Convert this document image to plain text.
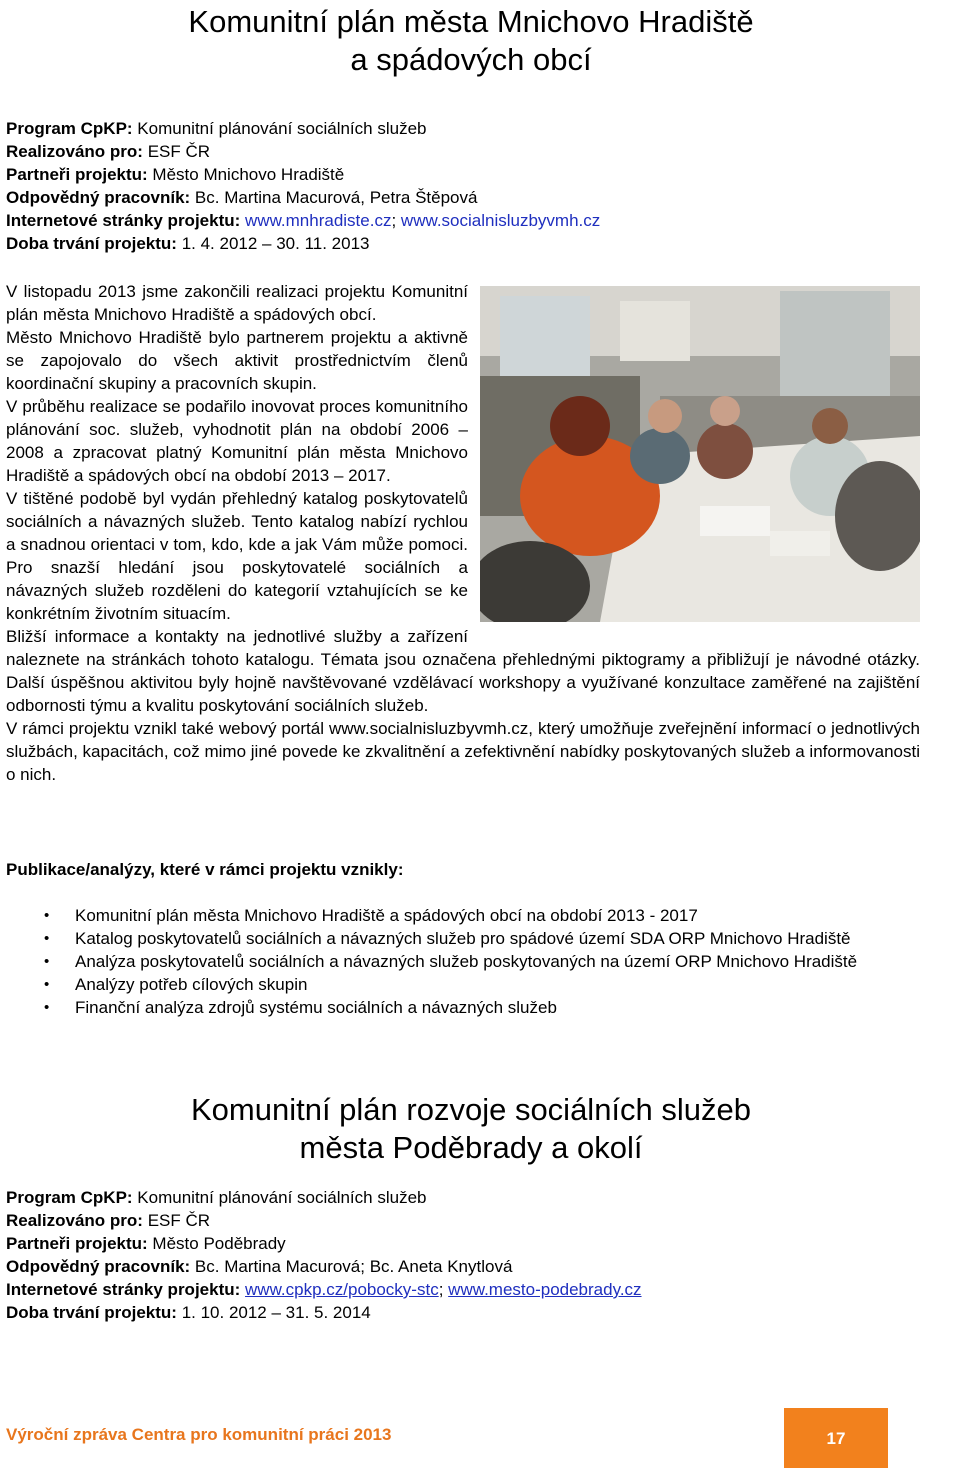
Komunitní plán města Mnichovo Hradiště
a spádových obcí
Program CpKP: Komunitní plánování sociálních služeb
Realizováno pro: ESF ČR
Partneři projektu: Město Mnichovo Hradiště
Odpovědný pracovník: Bc. Martina Macurová, Petra Štěpová
Internetové stránky projektu: www.mnhradiste.cz; www.socialnisluzbyvmh.cz
Doba trvání projektu: 1. 4. 2012 – 30. 11. 2013

V listopadu 2013 jsme zakončili realizaci projektu Komunitní plán města Mnichovo Hradiště a spádových obcí.

Město Mnichovo Hradiště bylo partnerem projektu a aktivně se zapojovalo do všech aktivit prostřednictvím členů koordinační skupiny a pracovních skupin.

V průběhu realizace se podařilo inovovat proces komunitního plánování soc. služeb, vyhodnotit plán na období 2006 – 2008 a zpracovat platný Komunitní plán města Mnichovo Hradiště a spádových obcí na období 2013 – 2017.

V tištěné podobě byl vydán přehledný katalog poskytovatelů sociálních a návazných služeb. Tento katalog nabízí rychlou a snadnou orientaci v tom, kdo, kde a jak Vám může pomoci. Pro snazší hledání jsou poskytovatelé sociálních a návazných služeb rozděleni do kategorií vztahujících se ke konkrétním životním situacím.

Bližší informace a kontakty na jednotlivé služby a zařízení naleznete na stránkách tohoto katalogu. Témata jsou označena přehlednými piktogramy a přibližují je návodné otázky. Další úspěšnou aktivitou byly hojně navštěvované vzdělávací workshopy a využívané konzultace zaměřené na zajištění odbornosti týmu a kvalitu poskytování sociálních služeb.

V rámci projektu vznikl také webový portál www.socialnisluzbyvmh.cz, který umožňuje zveřejnění informací o jednotlivých službách, kapacitách, což mimo jiné povede ke zkvalitnění a zefektivnění nabídky poskytovaných služeb a informovanosti o nich.

Publikace/analýzy, které v rámci projektu vznikly:
• Komunitní plán města Mnichovo Hradiště a spádových obcí na období 2013 - 2017
• Katalog poskytovatelů sociálních a návazných služeb pro spádové území SDA ORP Mnichovo Hradiště
• Analýza poskytovatelů sociálních a návazných služeb poskytovaných na území ORP Mnichovo Hradiště
• Analýzy potřeb cílových skupin
• Finanční analýza zdrojů systému sociálních a návazných služeb
Komunitní plán rozvoje sociálních služeb
města Poděbrady a okolí
Program CpKP: Komunitní plánování sociálních služeb
Realizováno pro: ESF ČR
Partneři projektu: Město Poděbrady
Odpovědný pracovník: Bc. Martina Macurová; Bc. Aneta Knytlová
Internetové stránky projektu: www.cpkp.cz/pobocky-stc; www.mesto-podebrady.cz
Doba trvání projektu: 1. 10. 2012 – 31. 5. 2014
Výroční zpráva Centra pro komunitní práci 2013	17
